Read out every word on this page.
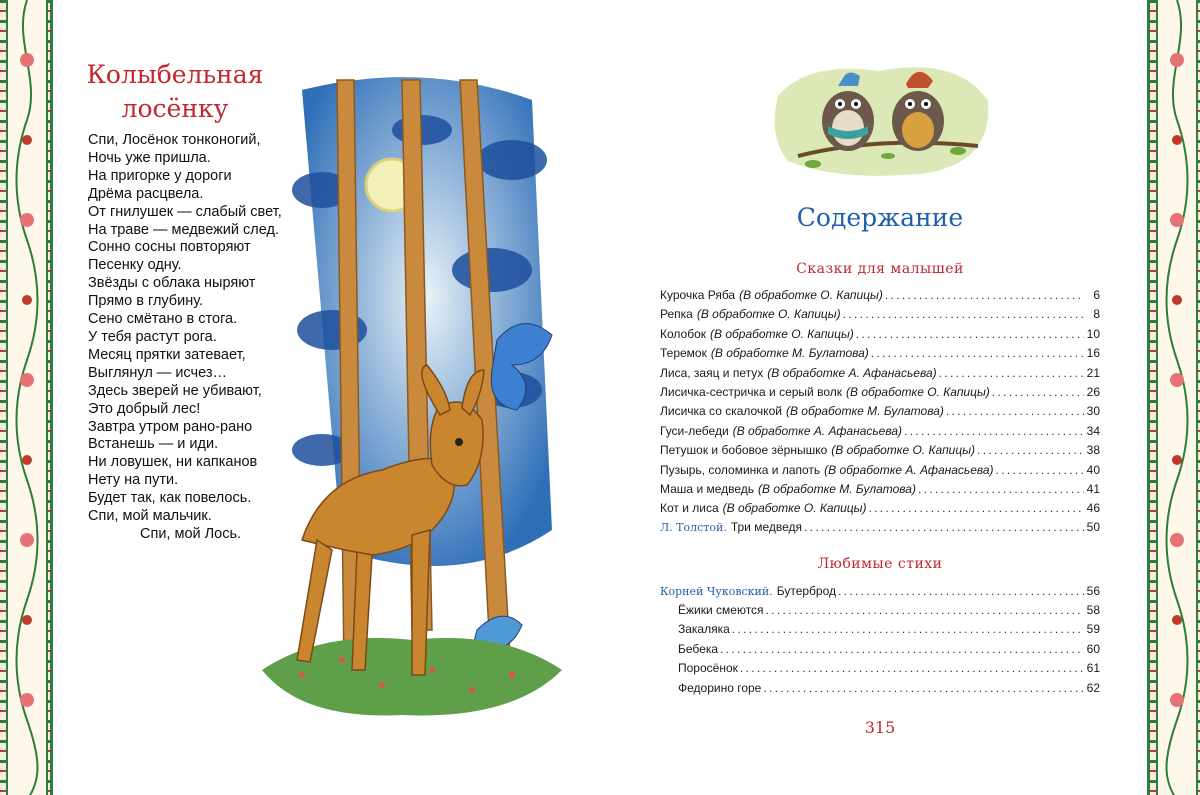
Колыбельная
лосёнку
Спи, Лосёнок тонконогий,
Ночь уже пришла.
На пригорке у дороги
Дрёма расцвела.
От гнилушек — слабый свет,
На траве — медвежий след.
Сонно сосны повторяют
Песенку одну.
Звёзды с облака ныряют
Прямо в глубину.
Сено смётано в стога.
У тебя растут рога.
Месяц прятки затевает,
Выглянул — исчез…
Здесь зверей не убивают,
Это добрый лес!
Завтра утром рано-рано
Встанешь — и иди.
Ни ловушек, ни капканов
Нету на пути.
Будет так, как повелось.
Спи, мой мальчик.
Спи, мой Лось.
Содержание
Сказки для малышей
Курочка Ряба (В обработке О. Капицы) . . .	6
Репка (В обработке О. Капицы) . . .	8
Колобок (В обработке О. Капицы) . . .	10
Теремок (В обработке М. Булатова) . . .	16
Лиса, заяц и петух (В обработке А. Афанасьева) . . .	21
Лисичка-сестричка и серый волк (В обработке О. Капицы) . . .	26
Лисичка со скалочкой (В обработке М. Булатова) . . .	30
Гуси-лебеди (В обработке А. Афанасьева) . . .	34
Петушок и бобовое зёрнышко (В обработке О. Капицы) . . .	38
Пузырь, соломинка и лапоть (В обработке А. Афанасьева) . . .	40
Маша и медведь (В обработке М. Булатова) . . .	41
Кот и лиса (В обработке О. Капицы) . . .	46
Л. Толстой. Три медведя . . .	50
Любимые стихи
Корней Чуковский. Бутерброд . . .	56
Ёжики смеются . . .	58
Закаляка . . .	59
Бебека . . .	60
Поросёнок . . .	61
Федорино горе . . .	62
315
